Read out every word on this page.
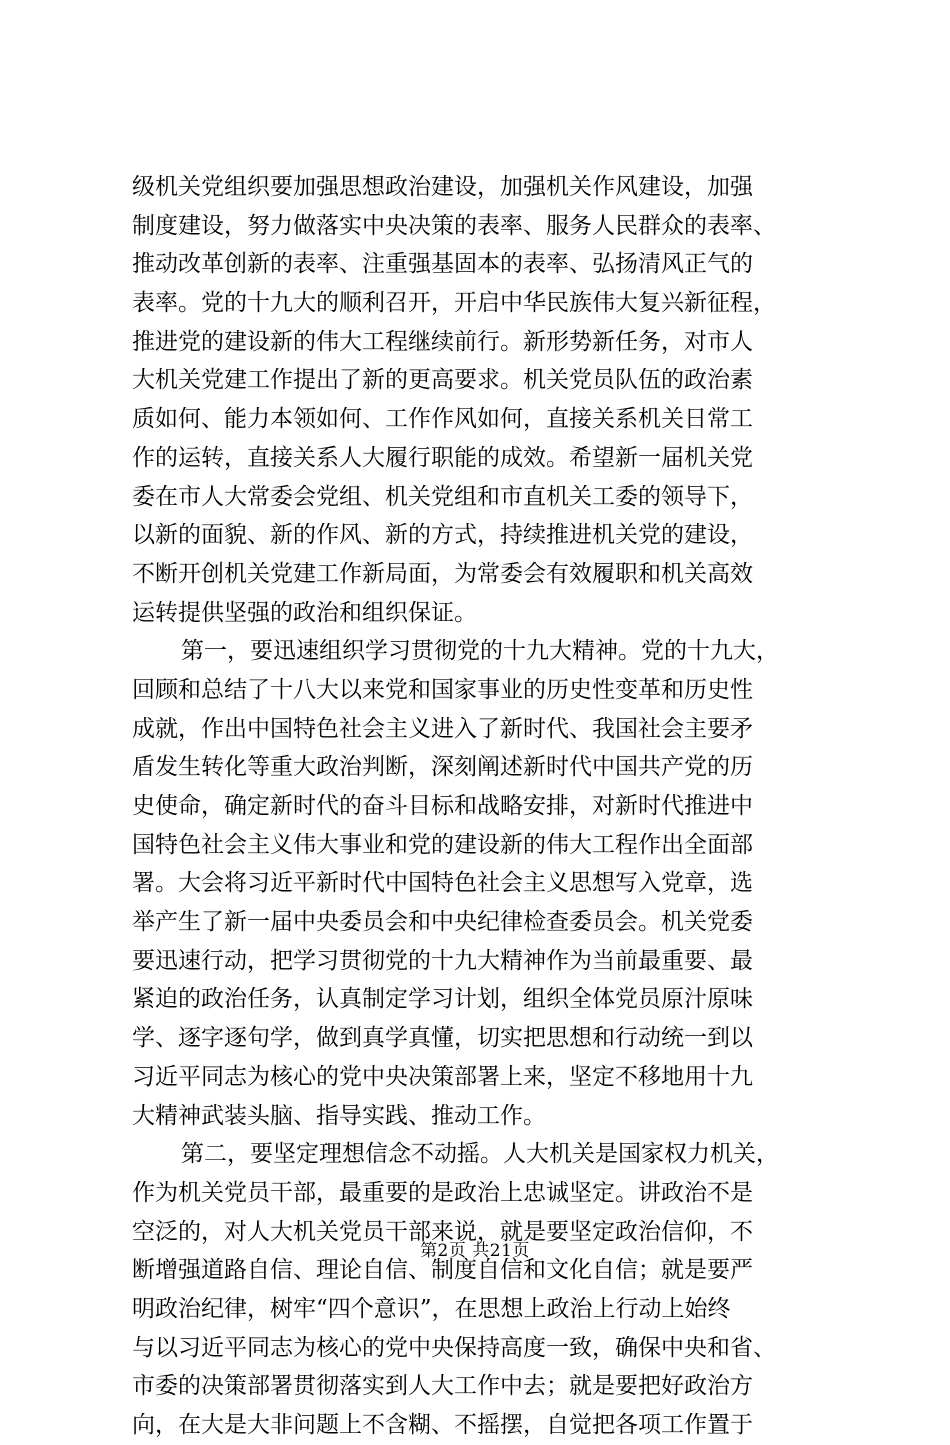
级机关党组织要加强思想政治建设，加强机关作风建设，加强
制度建设，努力做落实中央决策的表率、服务人民群众的表率、
推动改革创新的表率、注重强基固本的表率、弘扬清风正气的
表率。党的十九大的顺利召开，开启中华民族伟大复兴新征程，
推进党的建设新的伟大工程继续前行。新形势新任务，对市人
大机关党建工作提出了新的更高要求。机关党员队伍的政治素
质如何、能力本领如何、工作作风如何，直接关系机关日常工
作的运转，直接关系人大履行职能的成效。希望新一届机关党
委在市人大常委会党组、机关党组和市直机关工委的领导下，
以新的面貌、新的作风、新的方式，持续推进机关党的建设，
不断开创机关党建工作新局面，为常委会有效履职和机关高效
运转提供坚强的政治和组织保证。
第一，要迅速组织学习贯彻党的十九大精神。党的十九大，
回顾和总结了十八大以来党和国家事业的历史性变革和历史性
成就，作出中国特色社会主义进入了新时代、我国社会主要矛
盾发生转化等重大政治判断，深刻阐述新时代中国共产党的历
史使命，确定新时代的奋斗目标和战略安排，对新时代推进中
国特色社会主义伟大事业和党的建设新的伟大工程作出全面部
署。大会将习近平新时代中国特色社会主义思想写入党章，选
举产生了新一届中央委员会和中央纪律检查委员会。机关党委
要迅速行动，把学习贯彻党的十九大精神作为当前最重要、最
紧迫的政治任务，认真制定学习计划，组织全体党员原汁原味
学、逐字逐句学，做到真学真懂，切实把思想和行动统一到以
习近平同志为核心的党中央决策部署上来，坚定不移地用十九
大精神武装头脑、指导实践、推动工作。
第二，要坚定理想信念不动摇。人大机关是国家权力机关，
作为机关党员干部，最重要的是政治上忠诚坚定。讲政治不是
空泛的，对人大机关党员干部来说，就是要坚定政治信仰，不
断增强道路自信、理论自信、制度自信和文化自信；就是要严
明政治纪律，树牢“四个意识”，在思想上政治上行动上始终
与以习近平同志为核心的党中央保持高度一致，确保中央和省、
市委的决策部署贯彻落实到人大工作中去；就是要把好政治方
向，在大是大非问题上不含糊、不摇摆，自觉把各项工作置于
第2页 共21页
